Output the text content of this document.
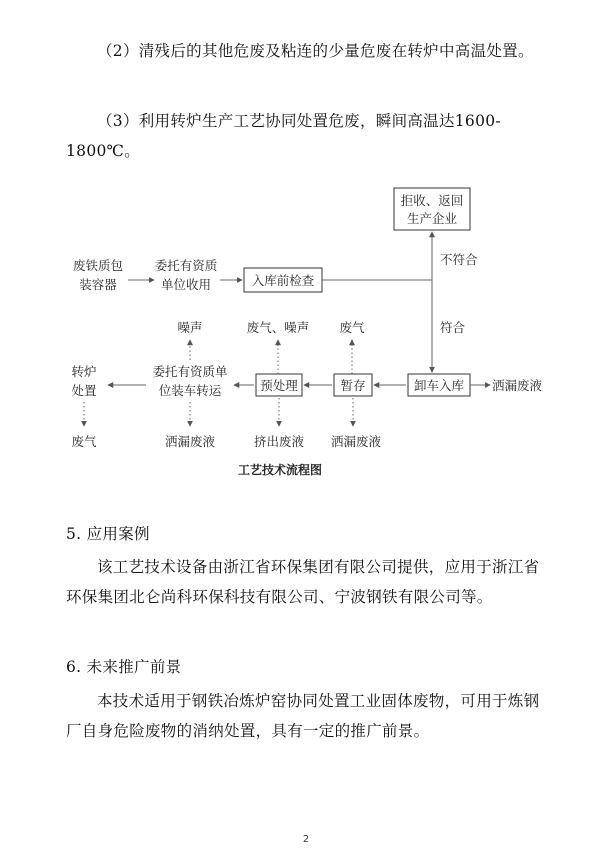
（2）清残后的其他危废及粘连的少量危废在转炉中高温处置。
（3）利用转炉生产工艺协同处置危废，瞬间高温达1600-1800℃。
拒收、返回
生产企业
废铁质包
装容器
委托有资质
单位收用	入库前检查
不符合
符合
噪声	废气、噪声 废气
转炉
处置
委托有资质单
位装车转运	预处理	暂存	卸车入库 洒漏废液
废气	洒漏废液	挤出废液 洒漏废液
工艺技术流程图
5. 应用案例
该工艺技术设备由浙江省环保集团有限公司提供，应用于浙江省环保集团北仑尚科环保科技有限公司、宁波钢铁有限公司等。
6. 未来推广前景
本技术适用于钢铁冶炼炉窑协同处置工业固体废物，可用于炼钢厂自身危险废物的消纳处置，具有一定的推广前景。
2
